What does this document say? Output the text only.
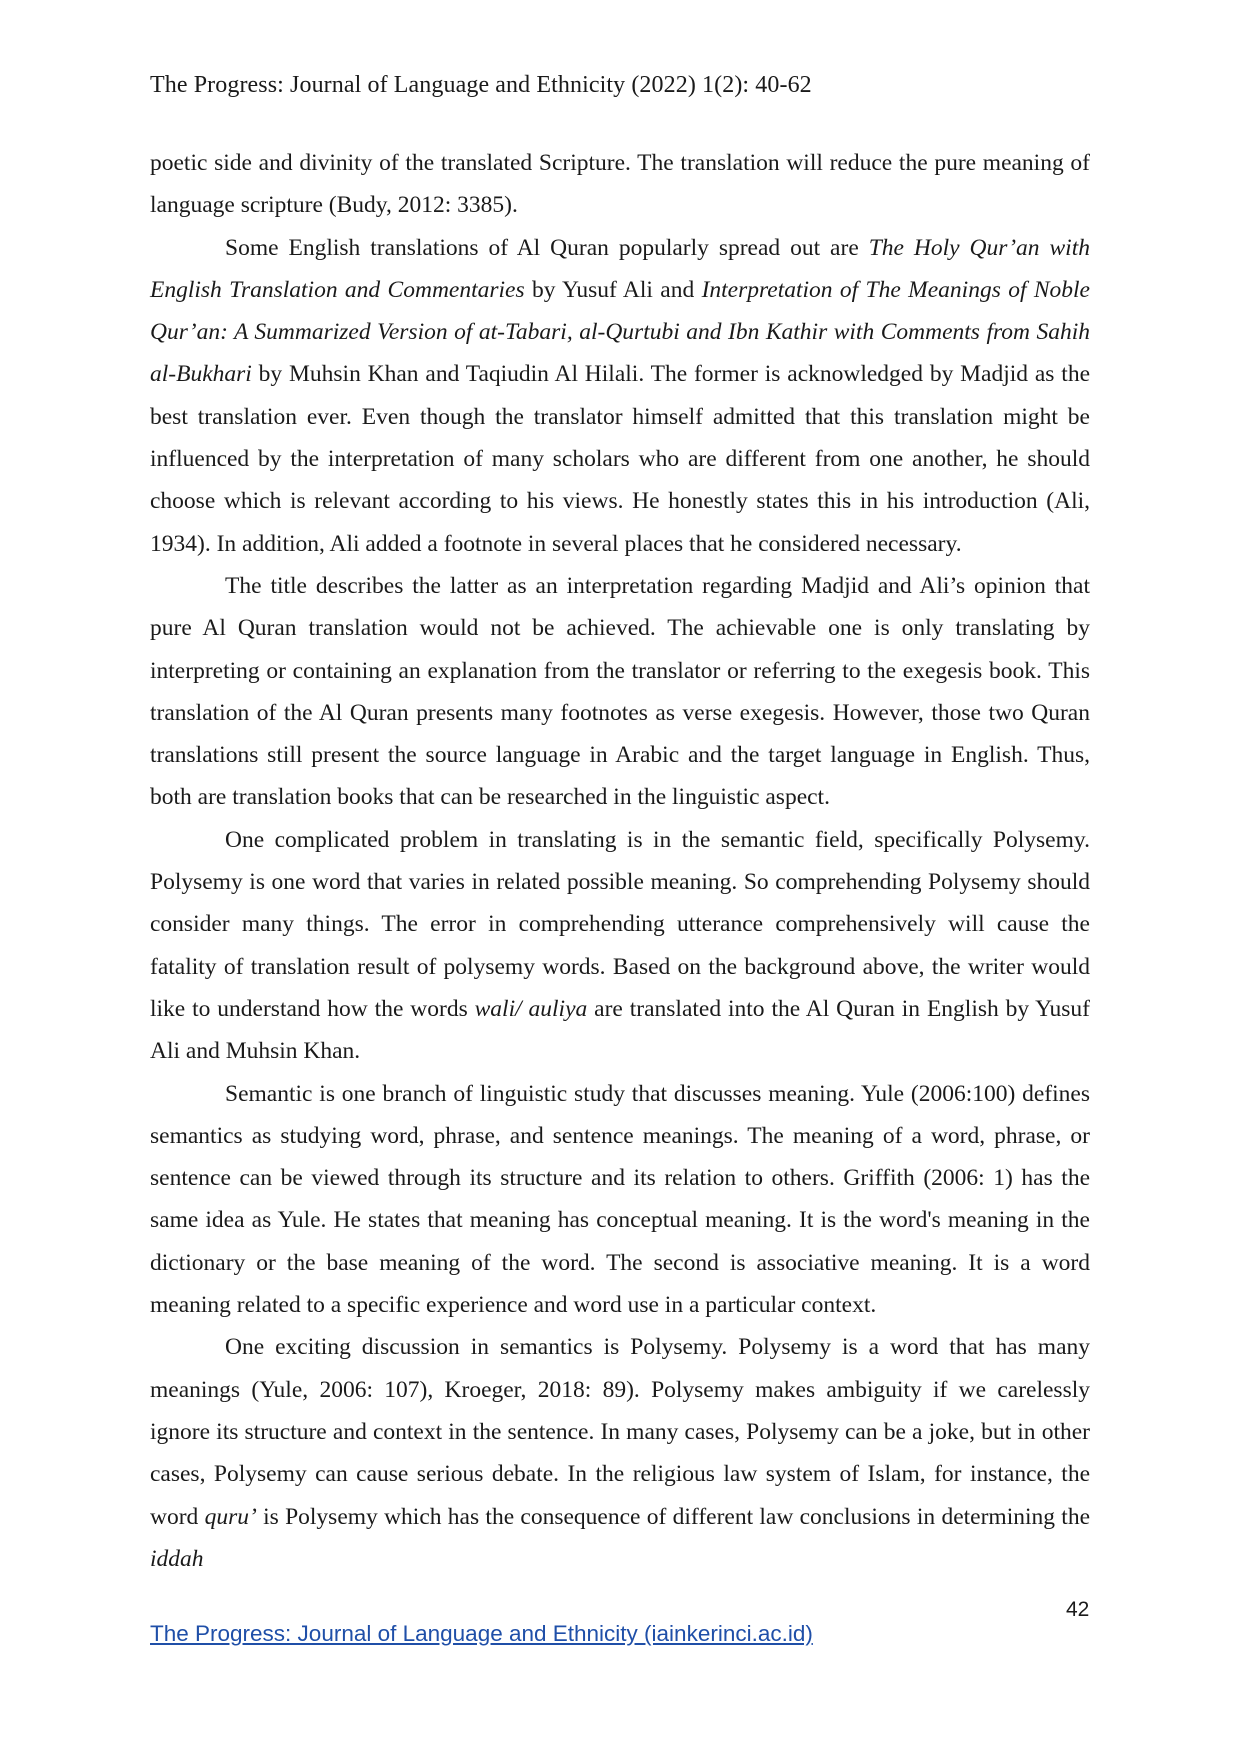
The Progress: Journal of Language and Ethnicity (2022) 1(2): 40-62

poetic side and divinity of the translated Scripture. The translation will reduce the pure meaning of language scripture (Budy, 2012: 3385).

Some English translations of Al Quran popularly spread out are The Holy Qur’an with English Translation and Commentaries by Yusuf Ali and Interpretation of The Meanings of Noble Qur’an: A Summarized Version of at-Tabari, al-Qurtubi and Ibn Kathir with Comments from Sahih al-Bukhari by Muhsin Khan and Taqiudin Al Hilali. The former is acknowledged by Madjid as the best translation ever. Even though the translator himself admitted that this translation might be influenced by the interpretation of many scholars who are different from one another, he should choose which is relevant according to his views. He honestly states this in his introduction (Ali, 1934). In addition, Ali added a footnote in several places that he considered necessary.

The title describes the latter as an interpretation regarding Madjid and Ali’s opinion that pure Al Quran translation would not be achieved. The achievable one is only translating by interpreting or containing an explanation from the translator or referring to the exegesis book. This translation of the Al Quran presents many footnotes as verse exegesis. However, those two Quran translations still present the source language in Arabic and the target language in English. Thus, both are translation books that can be researched in the linguistic aspect.

One complicated problem in translating is in the semantic field, specifically Polysemy. Polysemy is one word that varies in related possible meaning. So comprehending Polysemy should consider many things. The error in comprehending utterance comprehensively will cause the fatality of translation result of polysemy words. Based on the background above, the writer would like to understand how the words wali/ auliya are translated into the Al Quran in English by Yusuf Ali and Muhsin Khan.

Semantic is one branch of linguistic study that discusses meaning. Yule (2006:100) defines semantics as studying word, phrase, and sentence meanings. The meaning of a word, phrase, or sentence can be viewed through its structure and its relation to others. Griffith (2006: 1) has the same idea as Yule. He states that meaning has conceptual meaning. It is the word's meaning in the dictionary or the base meaning of the word. The second is associative meaning. It is a word meaning related to a specific experience and word use in a particular context.

One exciting discussion in semantics is Polysemy. Polysemy is a word that has many meanings (Yule, 2006: 107), Kroeger, 2018: 89). Polysemy makes ambiguity if we carelessly ignore its structure and context in the sentence. In many cases, Polysemy can be a joke, but in other cases, Polysemy can cause serious debate. In the religious law system of Islam, for instance, the word quru’ is Polysemy which has the consequence of different law conclusions in determining the iddah

42
The Progress: Journal of Language and Ethnicity (iainkerinci.ac.id)
